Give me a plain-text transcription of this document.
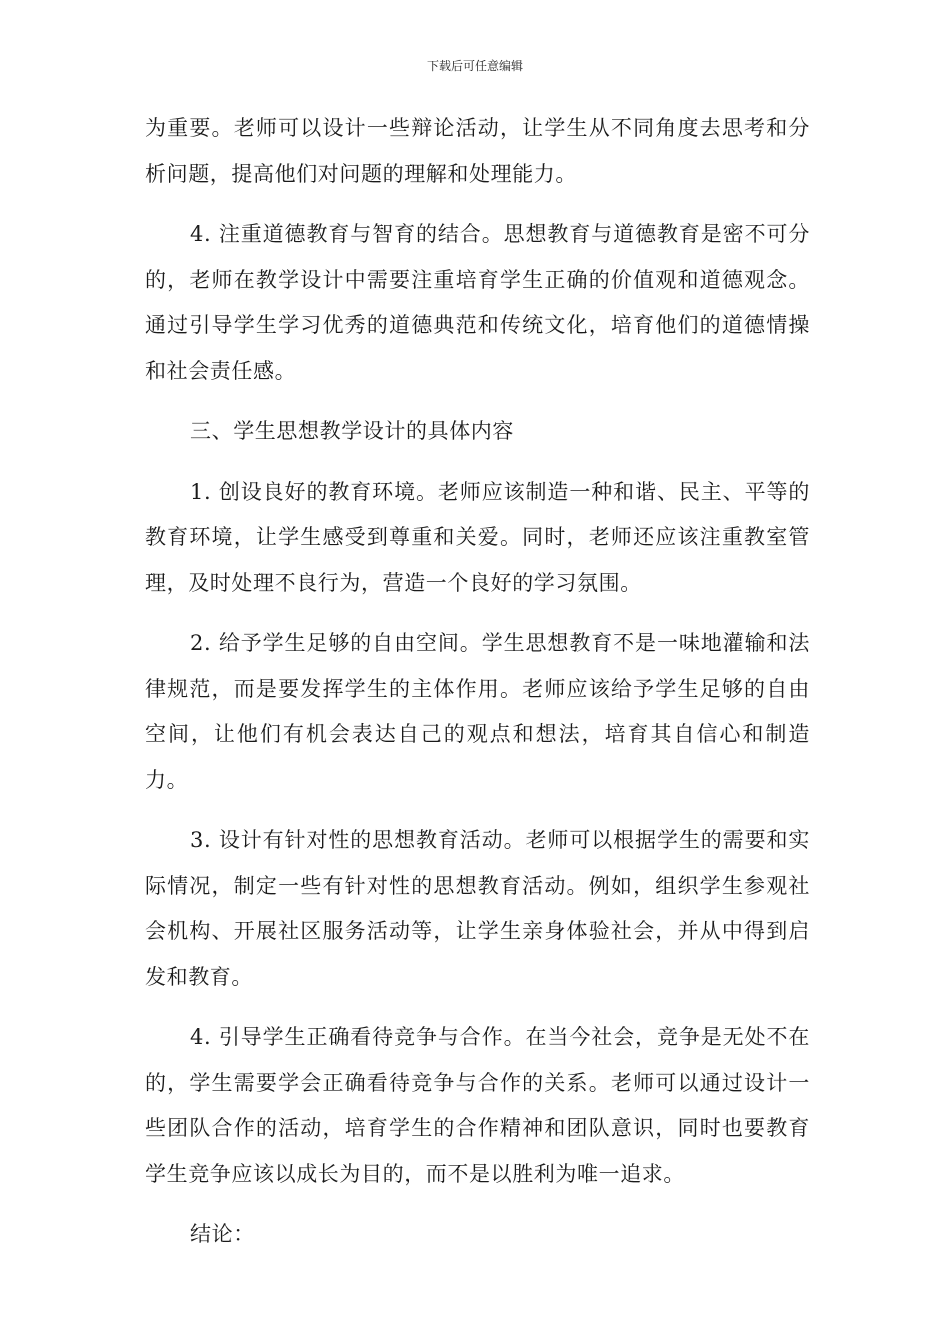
下载后可任意编辑

为重要。老师可以设计一些辩论活动，让学生从不同角度去思考和分析问题，提高他们对问题的理解和处理能力。

4. 注重道德教育与智育的结合。思想教育与道德教育是密不可分的，老师在教学设计中需要注重培育学生正确的价值观和道德观念。通过引导学生学习优秀的道德典范和传统文化，培育他们的道德情操和社会责任感。

三、学生思想教学设计的具体内容

1. 创设良好的教育环境。老师应该制造一种和谐、民主、平等的教育环境，让学生感受到尊重和关爱。同时，老师还应该注重教室管理，及时处理不良行为，营造一个良好的学习氛围。

2. 给予学生足够的自由空间。学生思想教育不是一味地灌输和法律规范，而是要发挥学生的主体作用。老师应该给予学生足够的自由空间，让他们有机会表达自己的观点和想法，培育其自信心和制造力。

3. 设计有针对性的思想教育活动。老师可以根据学生的需要和实际情况，制定一些有针对性的思想教育活动。例如，组织学生参观社会机构、开展社区服务活动等，让学生亲身体验社会，并从中得到启发和教育。

4. 引导学生正确看待竞争与合作。在当今社会，竞争是无处不在的，学生需要学会正确看待竞争与合作的关系。老师可以通过设计一些团队合作的活动，培育学生的合作精神和团队意识，同时也要教育学生竞争应该以成长为目的，而不是以胜利为唯一追求。

结论：
